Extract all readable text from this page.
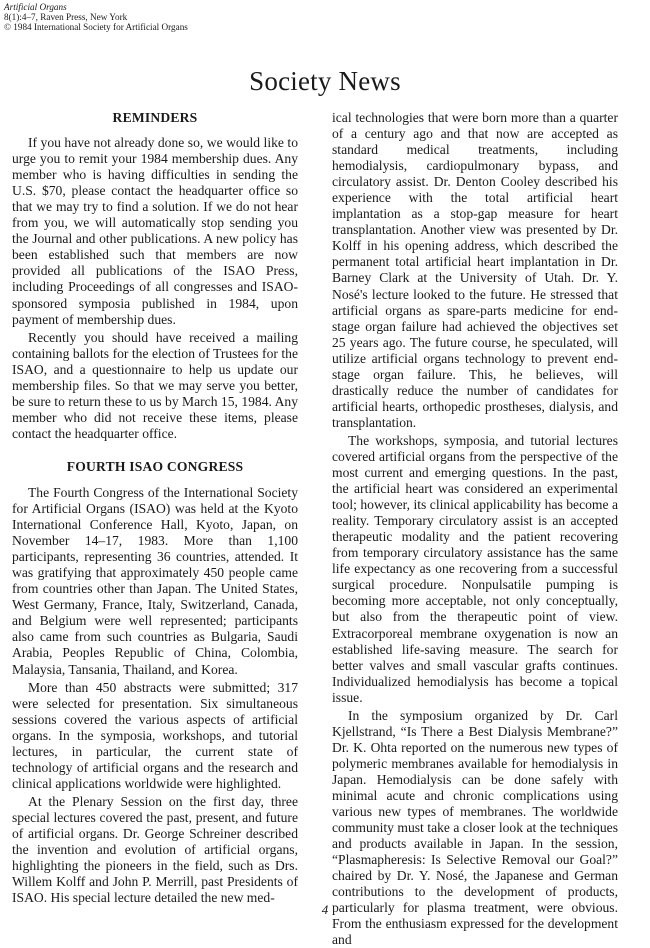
Artificial Organs
8(1):4–7, Raven Press, New York
© 1984 International Society for Artificial Organs
Society News
REMINDERS

If you have not already done so, we would like to urge you to remit your 1984 membership dues. Any member who is having difficulties in sending the U.S. $70, please contact the headquarter office so that we may try to find a solution. If we do not hear from you, we will automatically stop sending you the Journal and other publications. A new policy has been established such that members are now provided all publications of the ISAO Press, including Proceedings of all congresses and ISAO-sponsored symposia published in 1984, upon payment of membership dues.

Recently you should have received a mailing containing ballots for the election of Trustees for the ISAO, and a questionnaire to help us update our membership files. So that we may serve you better, be sure to return these to us by March 15, 1984. Any member who did not receive these items, please contact the headquarter office.

FOURTH ISAO CONGRESS

The Fourth Congress of the International Society for Artificial Organs (ISAO) was held at the Kyoto International Conference Hall, Kyoto, Japan, on November 14–17, 1983. More than 1,100 participants, representing 36 countries, attended. It was gratifying that approximately 450 people came from countries other than Japan. The United States, West Germany, France, Italy, Switzerland, Canada, and Belgium were well represented; participants also came from such countries as Bulgaria, Saudi Arabia, Peoples Republic of China, Colombia, Malaysia, Tansania, Thailand, and Korea.

More than 450 abstracts were submitted; 317 were selected for presentation. Six simultaneous sessions covered the various aspects of artificial organs. In the symposia, workshops, and tutorial lectures, in particular, the current state of technology of artificial organs and the research and clinical applications worldwide were highlighted.

At the Plenary Session on the first day, three special lectures covered the past, present, and future of artificial organs. Dr. George Schreiner described the invention and evolution of artificial organs, highlighting the pioneers in the field, such as Drs. Willem Kolff and John P. Merrill, past Presidents of ISAO. His special lecture detailed the new med-

ical technologies that were born more than a quarter of a century ago and that now are accepted as standard medical treatments, including hemodialysis, cardiopulmonary bypass, and circulatory assist. Dr. Denton Cooley described his experience with the total artificial heart implantation as a stop-gap measure for heart transplantation. Another view was presented by Dr. Kolff in his opening address, which described the permanent total artificial heart implantation in Dr. Barney Clark at the University of Utah. Dr. Y. Nosé's lecture looked to the future. He stressed that artificial organs as spare-parts medicine for end-stage organ failure had achieved the objectives set 25 years ago. The future course, he speculated, will utilize artificial organs technology to prevent end-stage organ failure. This, he believes, will drastically reduce the number of candidates for artificial hearts, orthopedic prostheses, dialysis, and transplantation.

The workshops, symposia, and tutorial lectures covered artificial organs from the perspective of the most current and emerging questions. In the past, the artificial heart was considered an experimental tool; however, its clinical applicability has become a reality. Temporary circulatory assist is an accepted therapeutic modality and the patient recovering from temporary circulatory assistance has the same life expectancy as one recovering from a successful surgical procedure. Nonpulsatile pumping is becoming more acceptable, not only conceptually, but also from the therapeutic point of view. Extracorporeal membrane oxygenation is now an established life-saving measure. The search for better valves and small vascular grafts continues. Individualized hemodialysis has become a topical issue.

In the symposium organized by Dr. Carl Kjellstrand, “Is There a Best Dialysis Membrane?” Dr. K. Ohta reported on the numerous new types of polymeric membranes available for hemodialysis in Japan. Hemodialysis can be done safely with minimal acute and chronic complications using various new types of membranes. The worldwide community must take a closer look at the techniques and products available in Japan. In the session, “Plasmapheresis: Is Selective Removal our Goal?” chaired by Dr. Y. Nosé, the Japanese and German contributions to the development of products, particularly for plasma treatment, were obvious. From the enthusiasm expressed for the development and

4
